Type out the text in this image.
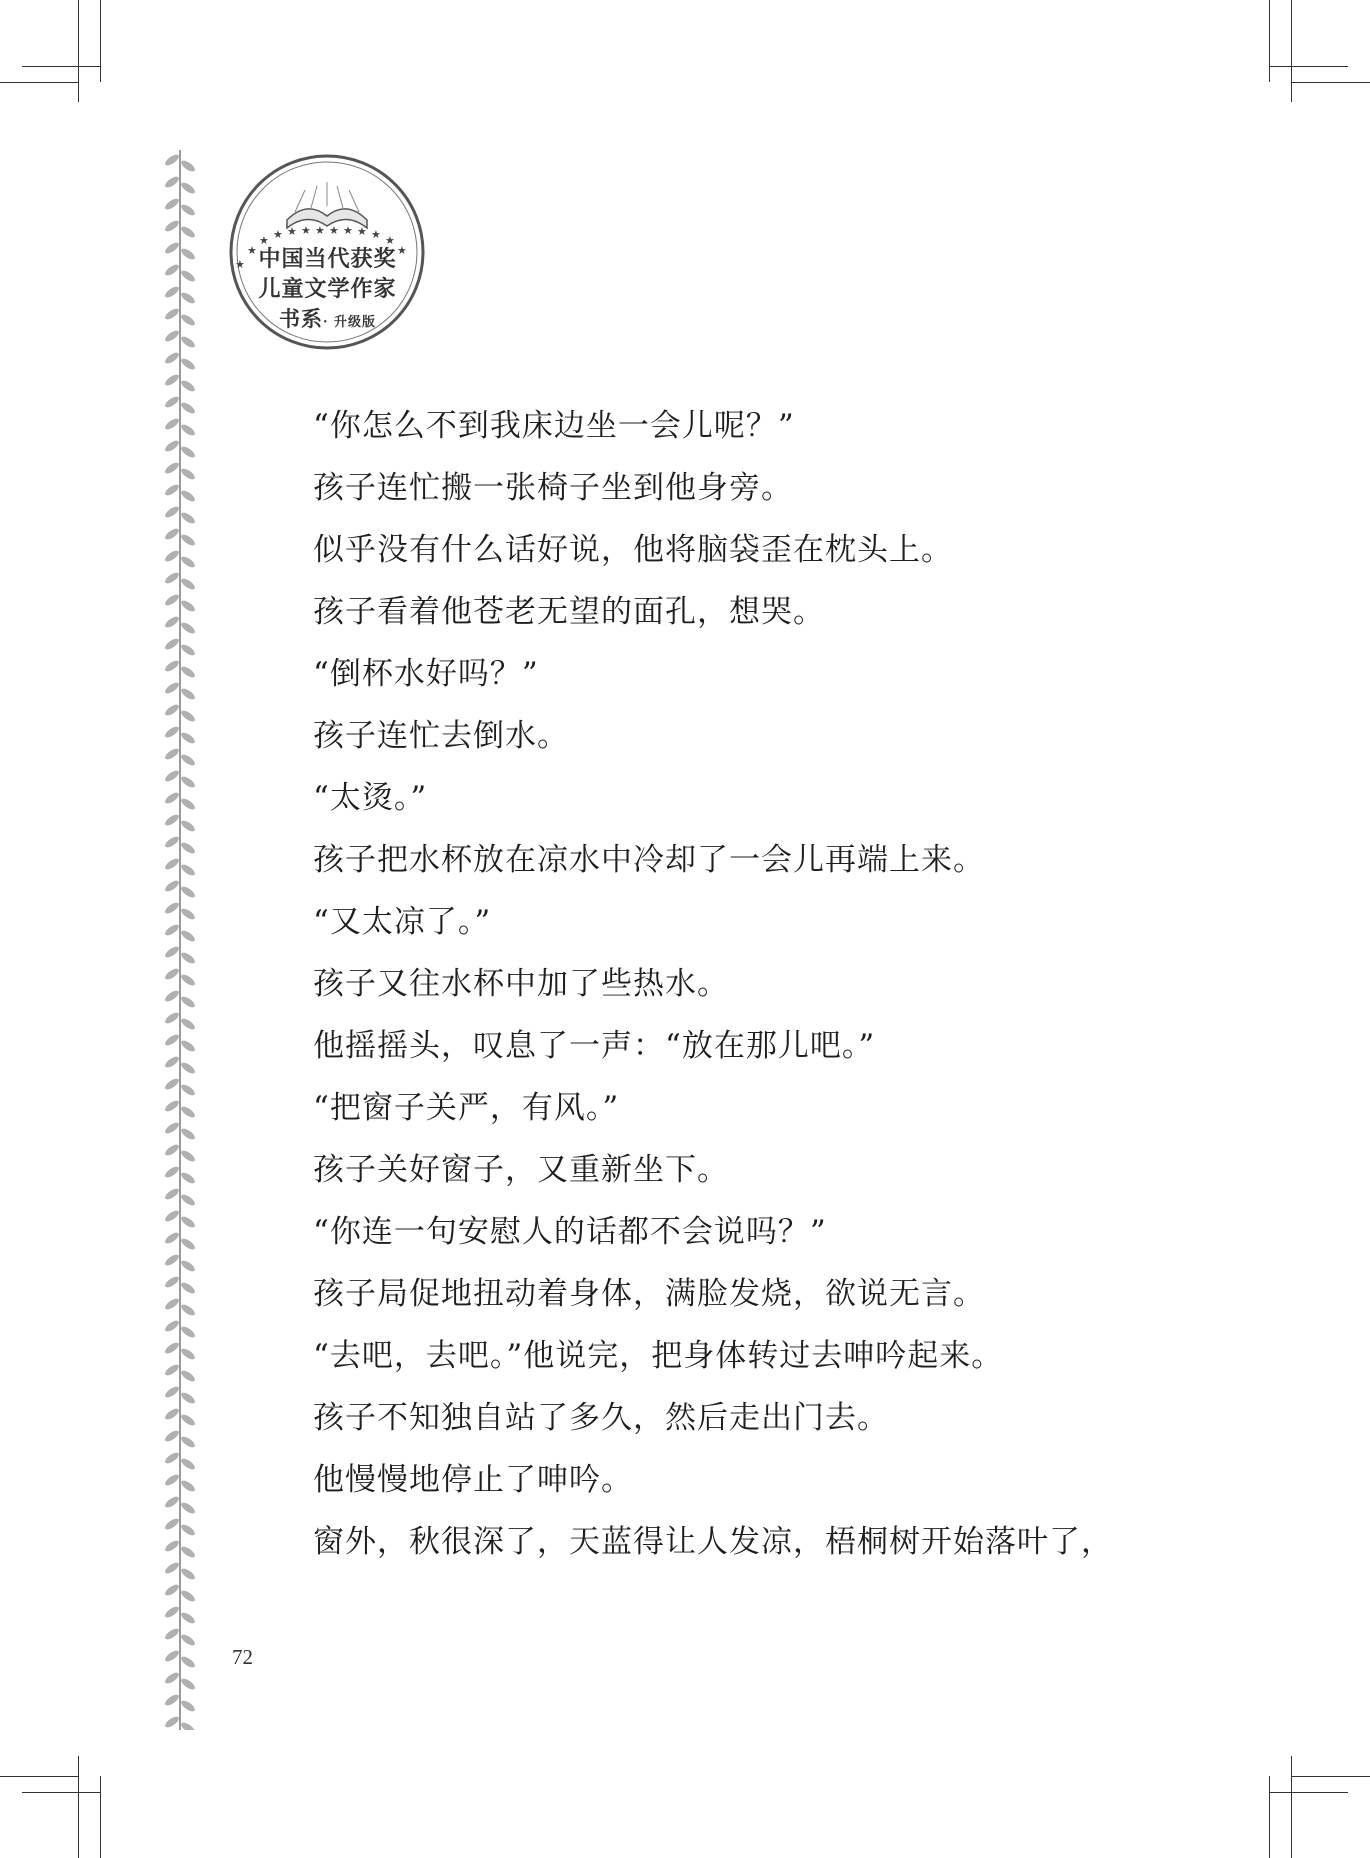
★
★
★ ★ ★ ★ ★ ★ ★ ★ ★ ★
★
中国当代获奖
儿童文学作家
书系· 升级版
“你怎么不到我床边坐一会儿呢？”
孩子连忙搬一张椅子坐到他身旁。
似乎没有什么话好说，他将脑袋歪在枕头上。
孩子看着他苍老无望的面孔，想哭。
“倒杯水好吗？”
孩子连忙去倒水。
“太烫。”
孩子把水杯放在凉水中冷却了一会儿再端上来。
“又太凉了。”
孩子又往水杯中加了些热水。
他摇摇头，叹息了一声：“放在那儿吧。”
“把窗子关严，有风。”
孩子关好窗子，又重新坐下。
“你连一句安慰人的话都不会说吗？”
孩子局促地扭动着身体，满脸发烧，欲说无言。
“去吧，去吧。”他说完，把身体转过去呻吟起来。
孩子不知独自站了多久，然后走出门去。
他慢慢地停止了呻吟。
窗外，秋很深了，天蓝得让人发凉，梧桐树开始落叶了，
72
